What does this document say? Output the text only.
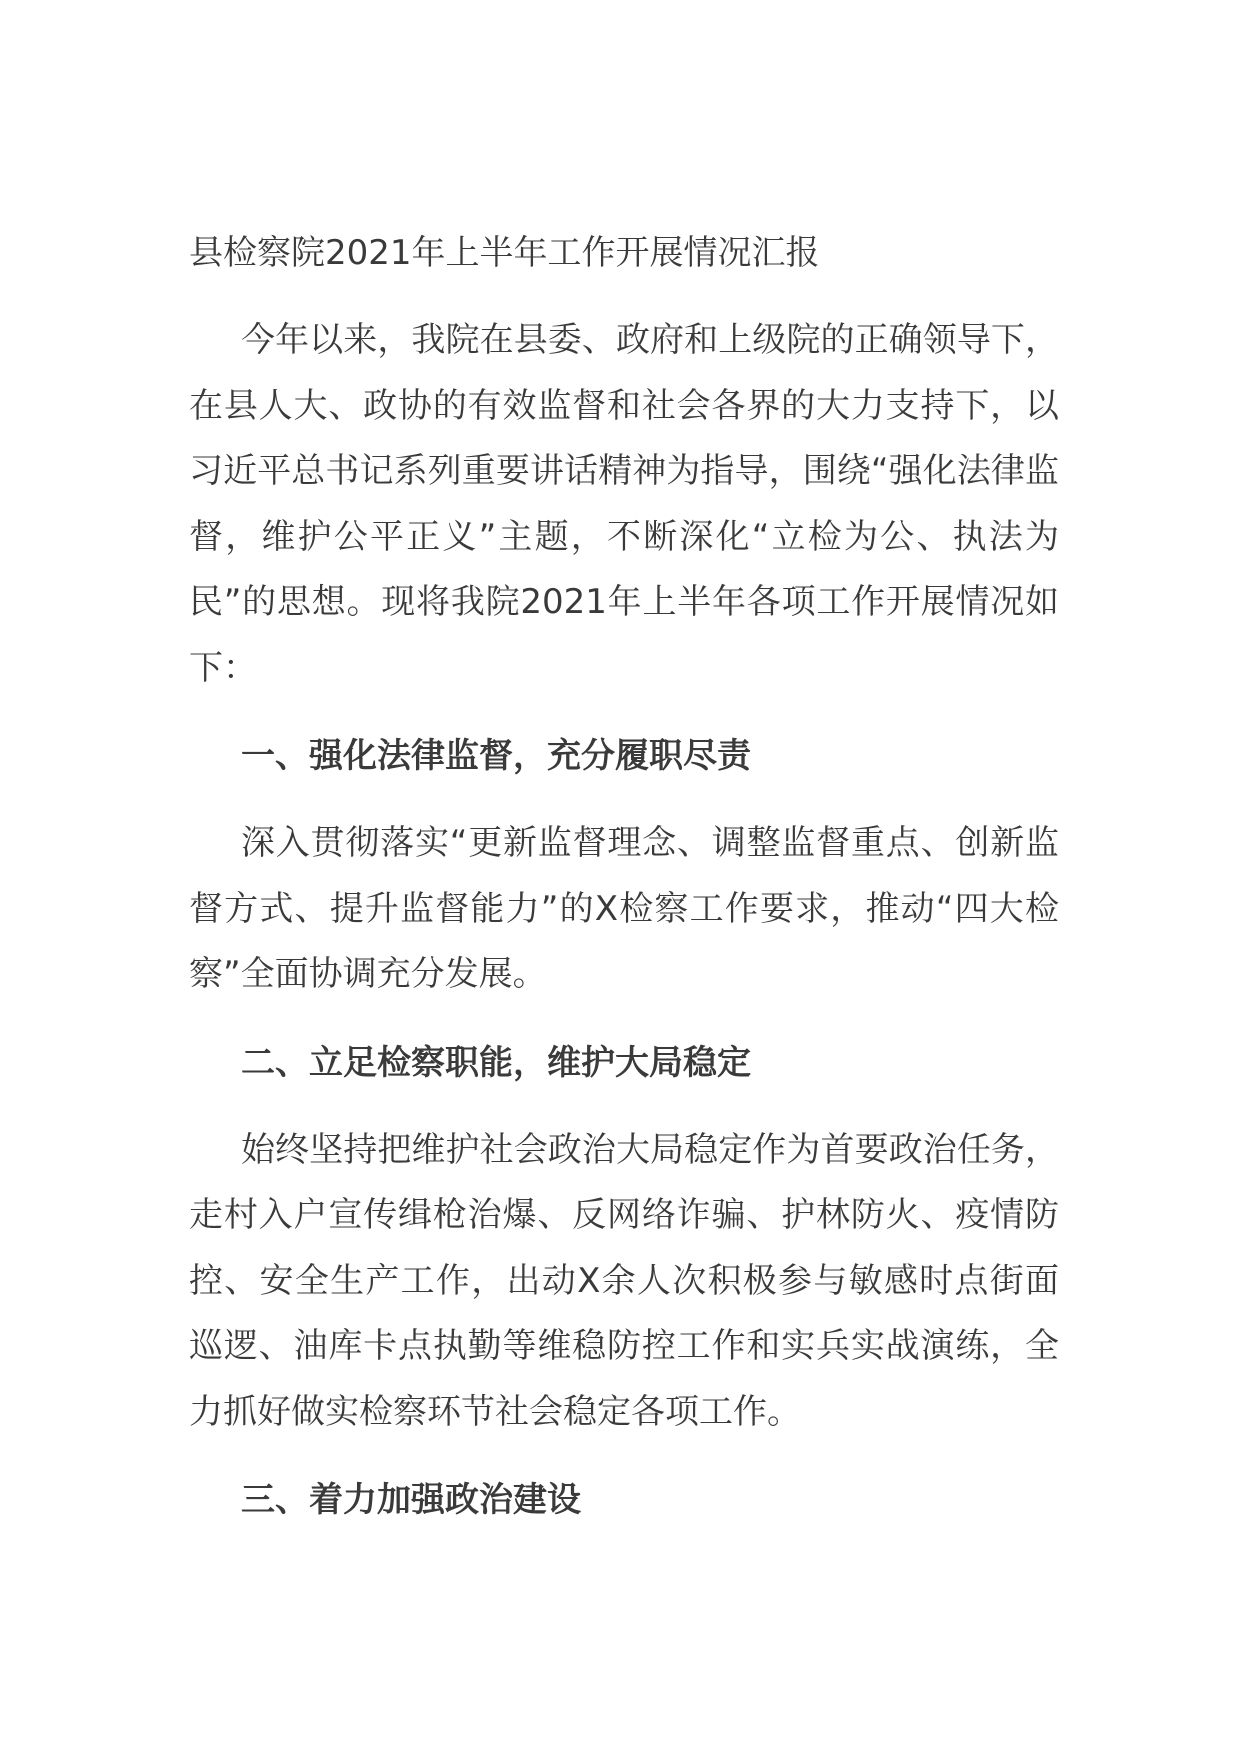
县检察院2021年上半年工作开展情况汇报

今年以来，我院在县委、政府和上级院的正确领导下，在县人大、政协的有效监督和社会各界的大力支持下，以习近平总书记系列重要讲话精神为指导，围绕“强化法律监督，维护公平正义”主题，不断深化“立检为公、执法为民”的思想。现将我院2021年上半年各项工作开展情况如下：

一、强化法律监督，充分履职尽责

深入贯彻落实“更新监督理念、调整监督重点、创新监督方式、提升监督能力”的X检察工作要求，推动“四大检察”全面协调充分发展。

二、立足检察职能，维护大局稳定

始终坚持把维护社会政治大局稳定作为首要政治任务，走村入户宣传缉枪治爆、反网络诈骗、护林防火、疫情防控、安全生产工作，出动X余人次积极参与敏感时点街面巡逻、油库卡点执勤等维稳防控工作和实兵实战演练，全力抓好做实检察环节社会稳定各项工作。

三、着力加强政治建设
